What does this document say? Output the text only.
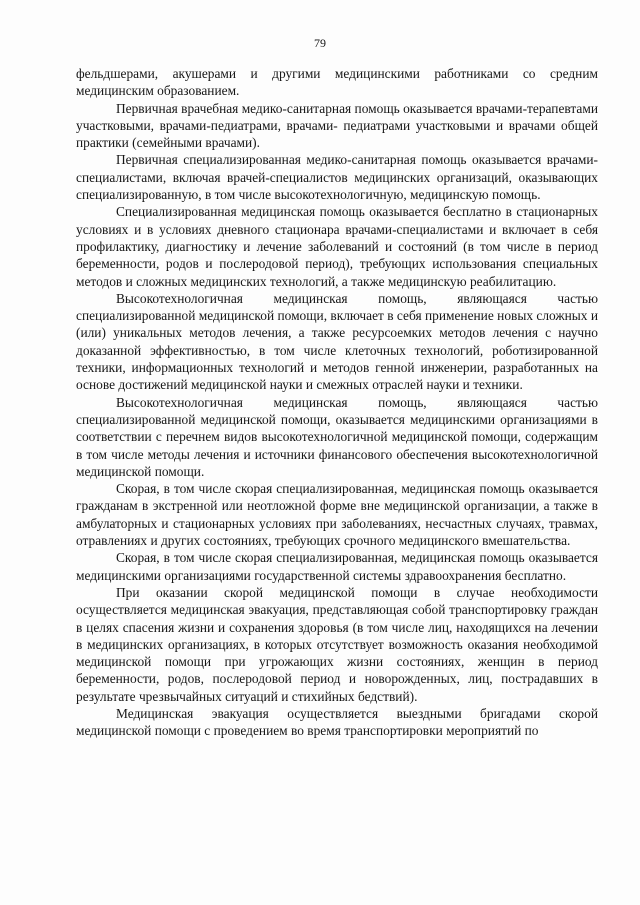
79

фельдшерами, акушерами и другими медицинскими работниками со средним медицинским образованием.

Первичная врачебная медико-санитарная помощь оказывается врачами-терапевтами участковыми, врачами-педиатрами, врачами- педиатрами участковыми и врачами общей практики (семейными врачами).

Первичная специализированная медико-санитарная помощь оказывается врачами-специалистами, включая врачей-специалистов медицинских организаций, оказывающих специализированную, в том числе высокотехнологичную, медицинскую помощь.

Специализированная медицинская помощь оказывается бесплатно в стационарных условиях и в условиях дневного стационара врачами-специалистами и включает в себя профилактику, диагностику и лечение заболеваний и состояний (в том числе в период беременности, родов и послеродовой период), требующих использования специальных методов и сложных медицинских технологий, а также медицинскую реабилитацию.

Высокотехнологичная медицинская помощь, являющаяся частью специализированной медицинской помощи, включает в себя применение новых сложных и (или) уникальных методов лечения, а также ресурсоемких методов лечения с научно доказанной эффективностью, в том числе клеточных технологий, роботизированной техники, информационных технологий и методов генной инженерии, разработанных на основе достижений медицинской науки и смежных отраслей науки и техники.

Высокотехнологичная медицинская помощь, являющаяся частью специализированной медицинской помощи, оказывается медицинскими организациями в соответствии с перечнем видов высокотехнологичной медицинской помощи, содержащим в том числе методы лечения и источники финансового обеспечения высокотехнологичной медицинской помощи.

Скорая, в том числе скорая специализированная, медицинская помощь оказывается гражданам в экстренной или неотложной форме вне медицинской организации, а также в амбулаторных и стационарных условиях при заболеваниях, несчастных случаях, травмах, отравлениях и других состояниях, требующих срочного медицинского вмешательства.

Скорая, в том числе скорая специализированная, медицинская помощь оказывается медицинскими организациями государственной системы здравоохранения бесплатно.

При оказании скорой медицинской помощи в случае необходимости осуществляется медицинская эвакуация, представляющая собой транспортировку граждан в целях спасения жизни и сохранения здоровья (в том числе лиц, находящихся на лечении в медицинских организациях, в которых отсутствует возможность оказания необходимой медицинской помощи при угрожающих жизни состояниях, женщин в период беременности, родов, послеродовой период и новорожденных, лиц, пострадавших в результате чрезвычайных ситуаций и стихийных бедствий).

Медицинская эвакуация осуществляется выездными бригадами скорой медицинской помощи с проведением во время транспортировки мероприятий по
